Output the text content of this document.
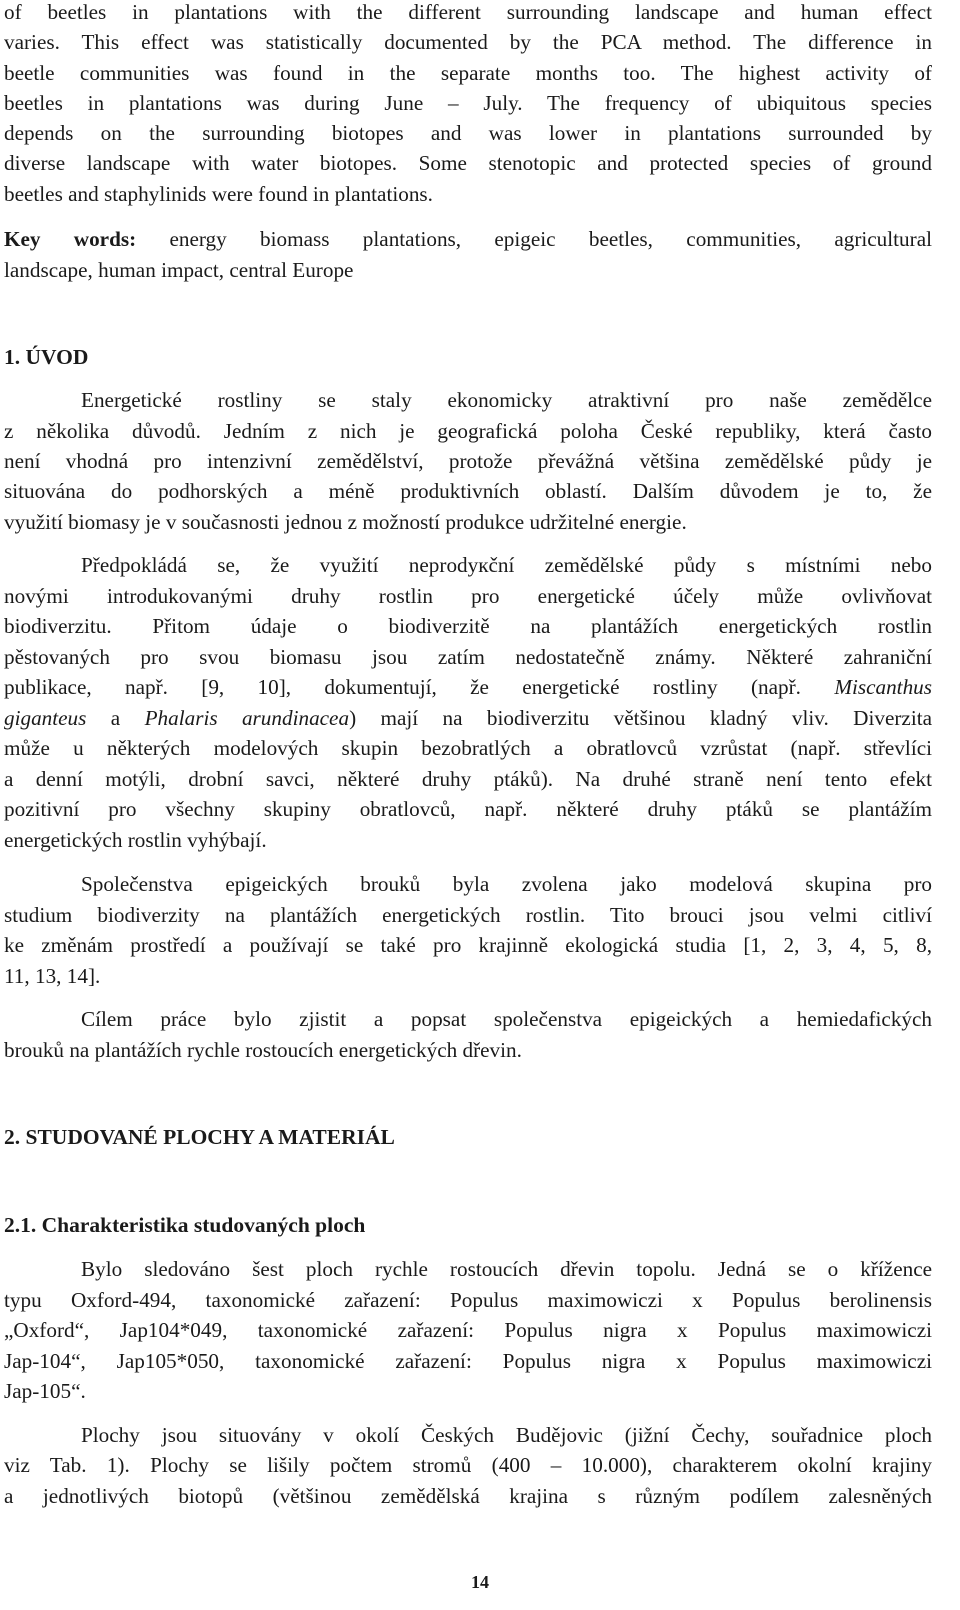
of beetles in plantations with the different surrounding landscape and human effect
varies. This effect was statistically documented by the PCA method. The difference in
beetle communities was found in the separate months too. The highest activity of
beetles in plantations was during June – July. The frequency of ubiquitous species
depends on the surrounding biotopes and was lower in plantations surrounded by
diverse landscape with water biotopes. Some stenotopic and protected species of ground
beetles and staphylinids were found in plantations.
Key words: energy biomass plantations, epigeic beetles, communities, agricultural
landscape, human impact, central Europe
1. ÚVOD
Energetické rostliny se staly ekonomicky atraktivní pro naše zemědělce
z několika důvodů. Jedním z nich je geografická poloha České republiky, která často
není vhodná pro intenzivní zemědělství, protože převážná většina zemědělské půdy je
situována do podhorských a méně produktivních oblastí. Dalším důvodem je to, že
využití biomasy je v současnosti jednou z možností produkce udržitelné energie.
Předpokládá se, že využití neprodукční zemědělské půdy s místními nebo
novými introdukovanými druhy rostlin pro energetické účely může ovlivňovat
biodiverzitu. Přitom údaje o biodiverzitě na plantážích energetických rostlin
pěstovaných pro svou biomasu jsou zatím nedostatečně známy. Některé zahraniční
publikace, např. [9, 10], dokumentují, že energetické rostliny (např. Miscanthus
giganteus a Phalaris arundinacea) mají na biodiverzitu většinou kladný vliv. Diverzita
může u některých modelových skupin bezobratlých a obratlovců vzrůstat (např. střevlíci
a denní motýli, drobní savci, některé druhy ptáků). Na druhé straně není tento efekt
pozitivní pro všechny skupiny obratlovců, např. některé druhy ptáků se plantážím
energetických rostlin vyhýbají.
Společenstva epigeických brouků byla zvolena jako modelová skupina pro
studium biodiverzity na plantážích energetických rostlin. Tito brouci jsou velmi citliví
ke změnám prostředí a používají se také pro krajinně ekologická studia [1, 2, 3, 4, 5, 8,
11, 13, 14].
Cílem práce bylo zjistit a popsat společenstva epigeických a hemiedafických
brouků na plantážích rychle rostoucích energetických dřevin.
2. STUDOVANÉ PLOCHY A MATERIÁL
2.1. Charakteristika studovaných ploch
Bylo sledováno šest ploch rychle rostoucích dřevin topolu. Jedná se o křížence
typu Oxford-494, taxonomické zařazení: Populus maximowiczi x Populus berolinensis
„Oxford“, Jap104*049, taxonomické zařazení: Populus nigra x Populus maximowiczi
Jap-104“, Jap105*050, taxonomické zařazení: Populus nigra x Populus maximowiczi
Jap-105“.
Plochy jsou situovány v okolí Českých Budějovic (jižní Čechy, souřadnice ploch
viz Tab. 1). Plochy se lišily počtem stromů (400 – 10.000), charakterem okolní krajiny
a jednotlivých biotopů (většinou zemědělská krajina s různým podílem zalesněných
14
